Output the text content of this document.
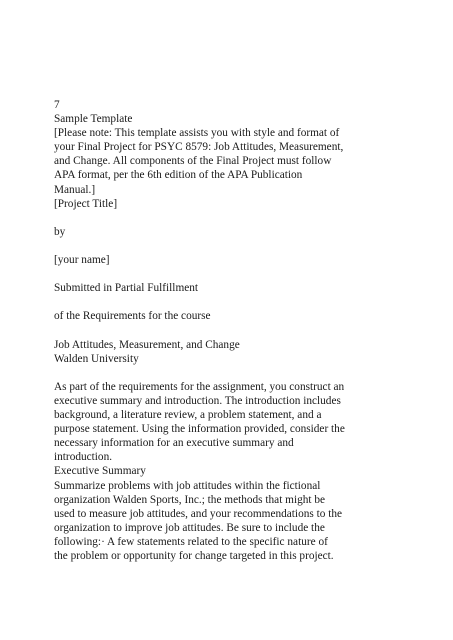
7

Sample Template

[Please note: This template assists you with style and format of
your Final Project for PSYC 8579: Job Attitudes, Measurement,
and Change. All components of the Final Project must follow
APA format, per the 6th edition of the APA Publication
Manual.]

[Project Title]

by

[your name]

Submitted in Partial Fulfillment

of the Requirements for the course

Job Attitudes, Measurement, and Change

Walden University

As part of the requirements for the assignment, you construct an
executive summary and introduction. The introduction includes
background, a literature review, a problem statement, and a
purpose statement. Using the information provided, consider the
necessary information for an executive summary and
introduction.

Executive Summary

Summarize problems with job attitudes within the fictional
organization Walden Sports, Inc.; the methods that might be
used to measure job attitudes, and your recommendations to the
organization to improve job attitudes. Be sure to include the
following:· A few statements related to the specific nature of
the problem or opportunity for change targeted in this project.
